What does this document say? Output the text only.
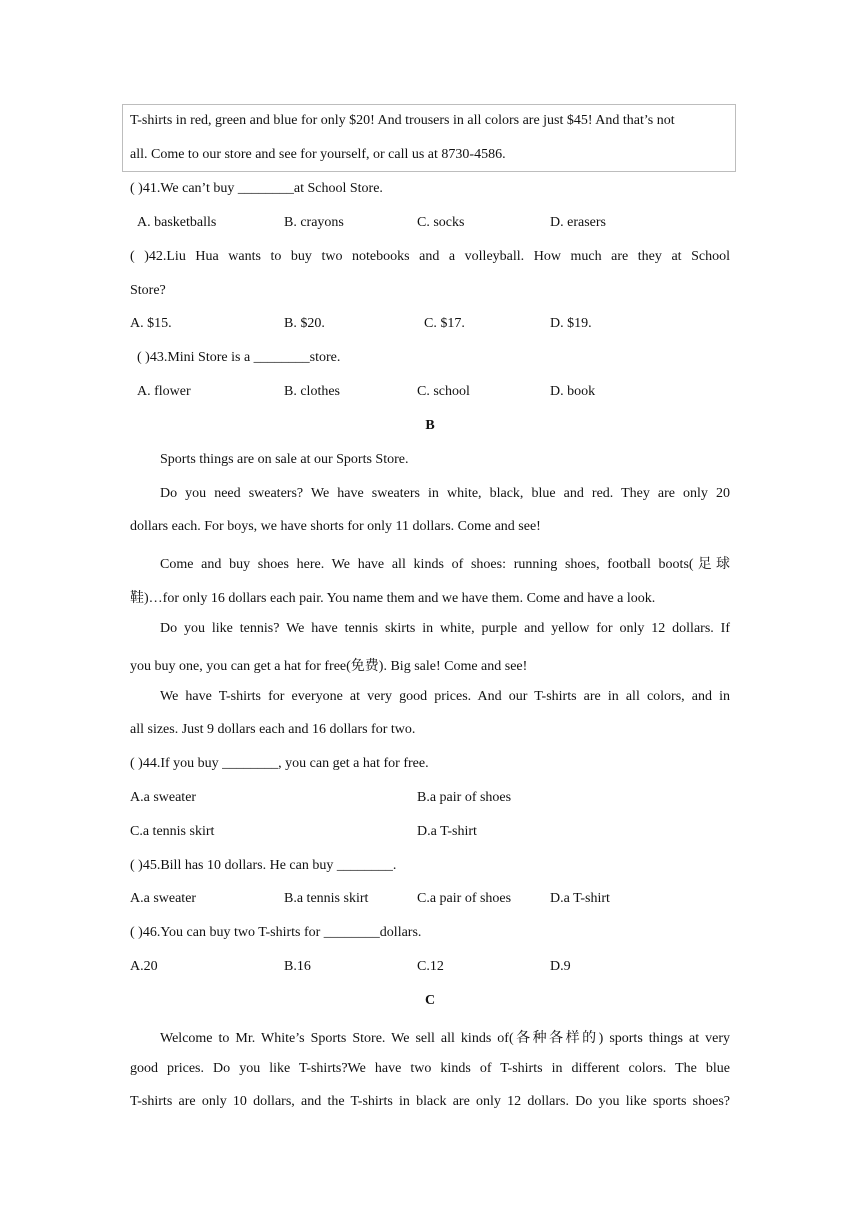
T-shirts in red, green and blue for only $20! And trousers in all colors are just $45! And that’s not
all. Come to our store and see for yourself, or call us at 8730-4586.
( )41.We can’t buy ________at School Store.
A. basketballs	B. crayons	C. socks	D. erasers
( )42.Liu Hua wants to buy two notebooks and a volleyball. How much are they at School
Store?
A. $15.	B. $20.	C. $17.	D. $19.
( )43.Mini Store is a ________store.
A. flower	B. clothes	C. school	D. book
B
Sports things are on sale at our Sports Store.
Do you need sweaters? We have sweaters in white, black, blue and red. They are only 20
dollars each. For boys, we have shorts for only 11 dollars. Come and see!
Come and buy shoes here. We have all kinds of shoes: running shoes, football boots(足球
鞋)…for only 16 dollars each pair. You name them and we have them. Come and have a look.
Do you like tennis? We have tennis skirts in white, purple and yellow for only 12 dollars. If
you buy one, you can get a hat for free(免费). Big sale! Come and see!
We have T-shirts for everyone at very good prices. And our T-shirts are in all colors, and in
all sizes. Just 9 dollars each and 16 dollars for two.
( )44.If you buy ________, you can get a hat for free.
A.a sweater	B.a pair of shoes
C.a tennis skirt	D.a T-shirt
( )45.Bill has 10 dollars. He can buy ________.
A.a sweater	B.a tennis skirt	C.a pair of shoes	D.a T-shirt
( )46.You can buy two T-shirts for ________dollars.
A.20	B.16	C.12	D.9
C
Welcome to Mr. White’s Sports Store. We sell all kinds of(各种各样的) sports things at very
good prices. Do you like T-shirts?We have two kinds of T-shirts in different colors. The blue
T-shirts are only 10 dollars, and the T-shirts in black are only 12 dollars. Do you like sports shoes?
